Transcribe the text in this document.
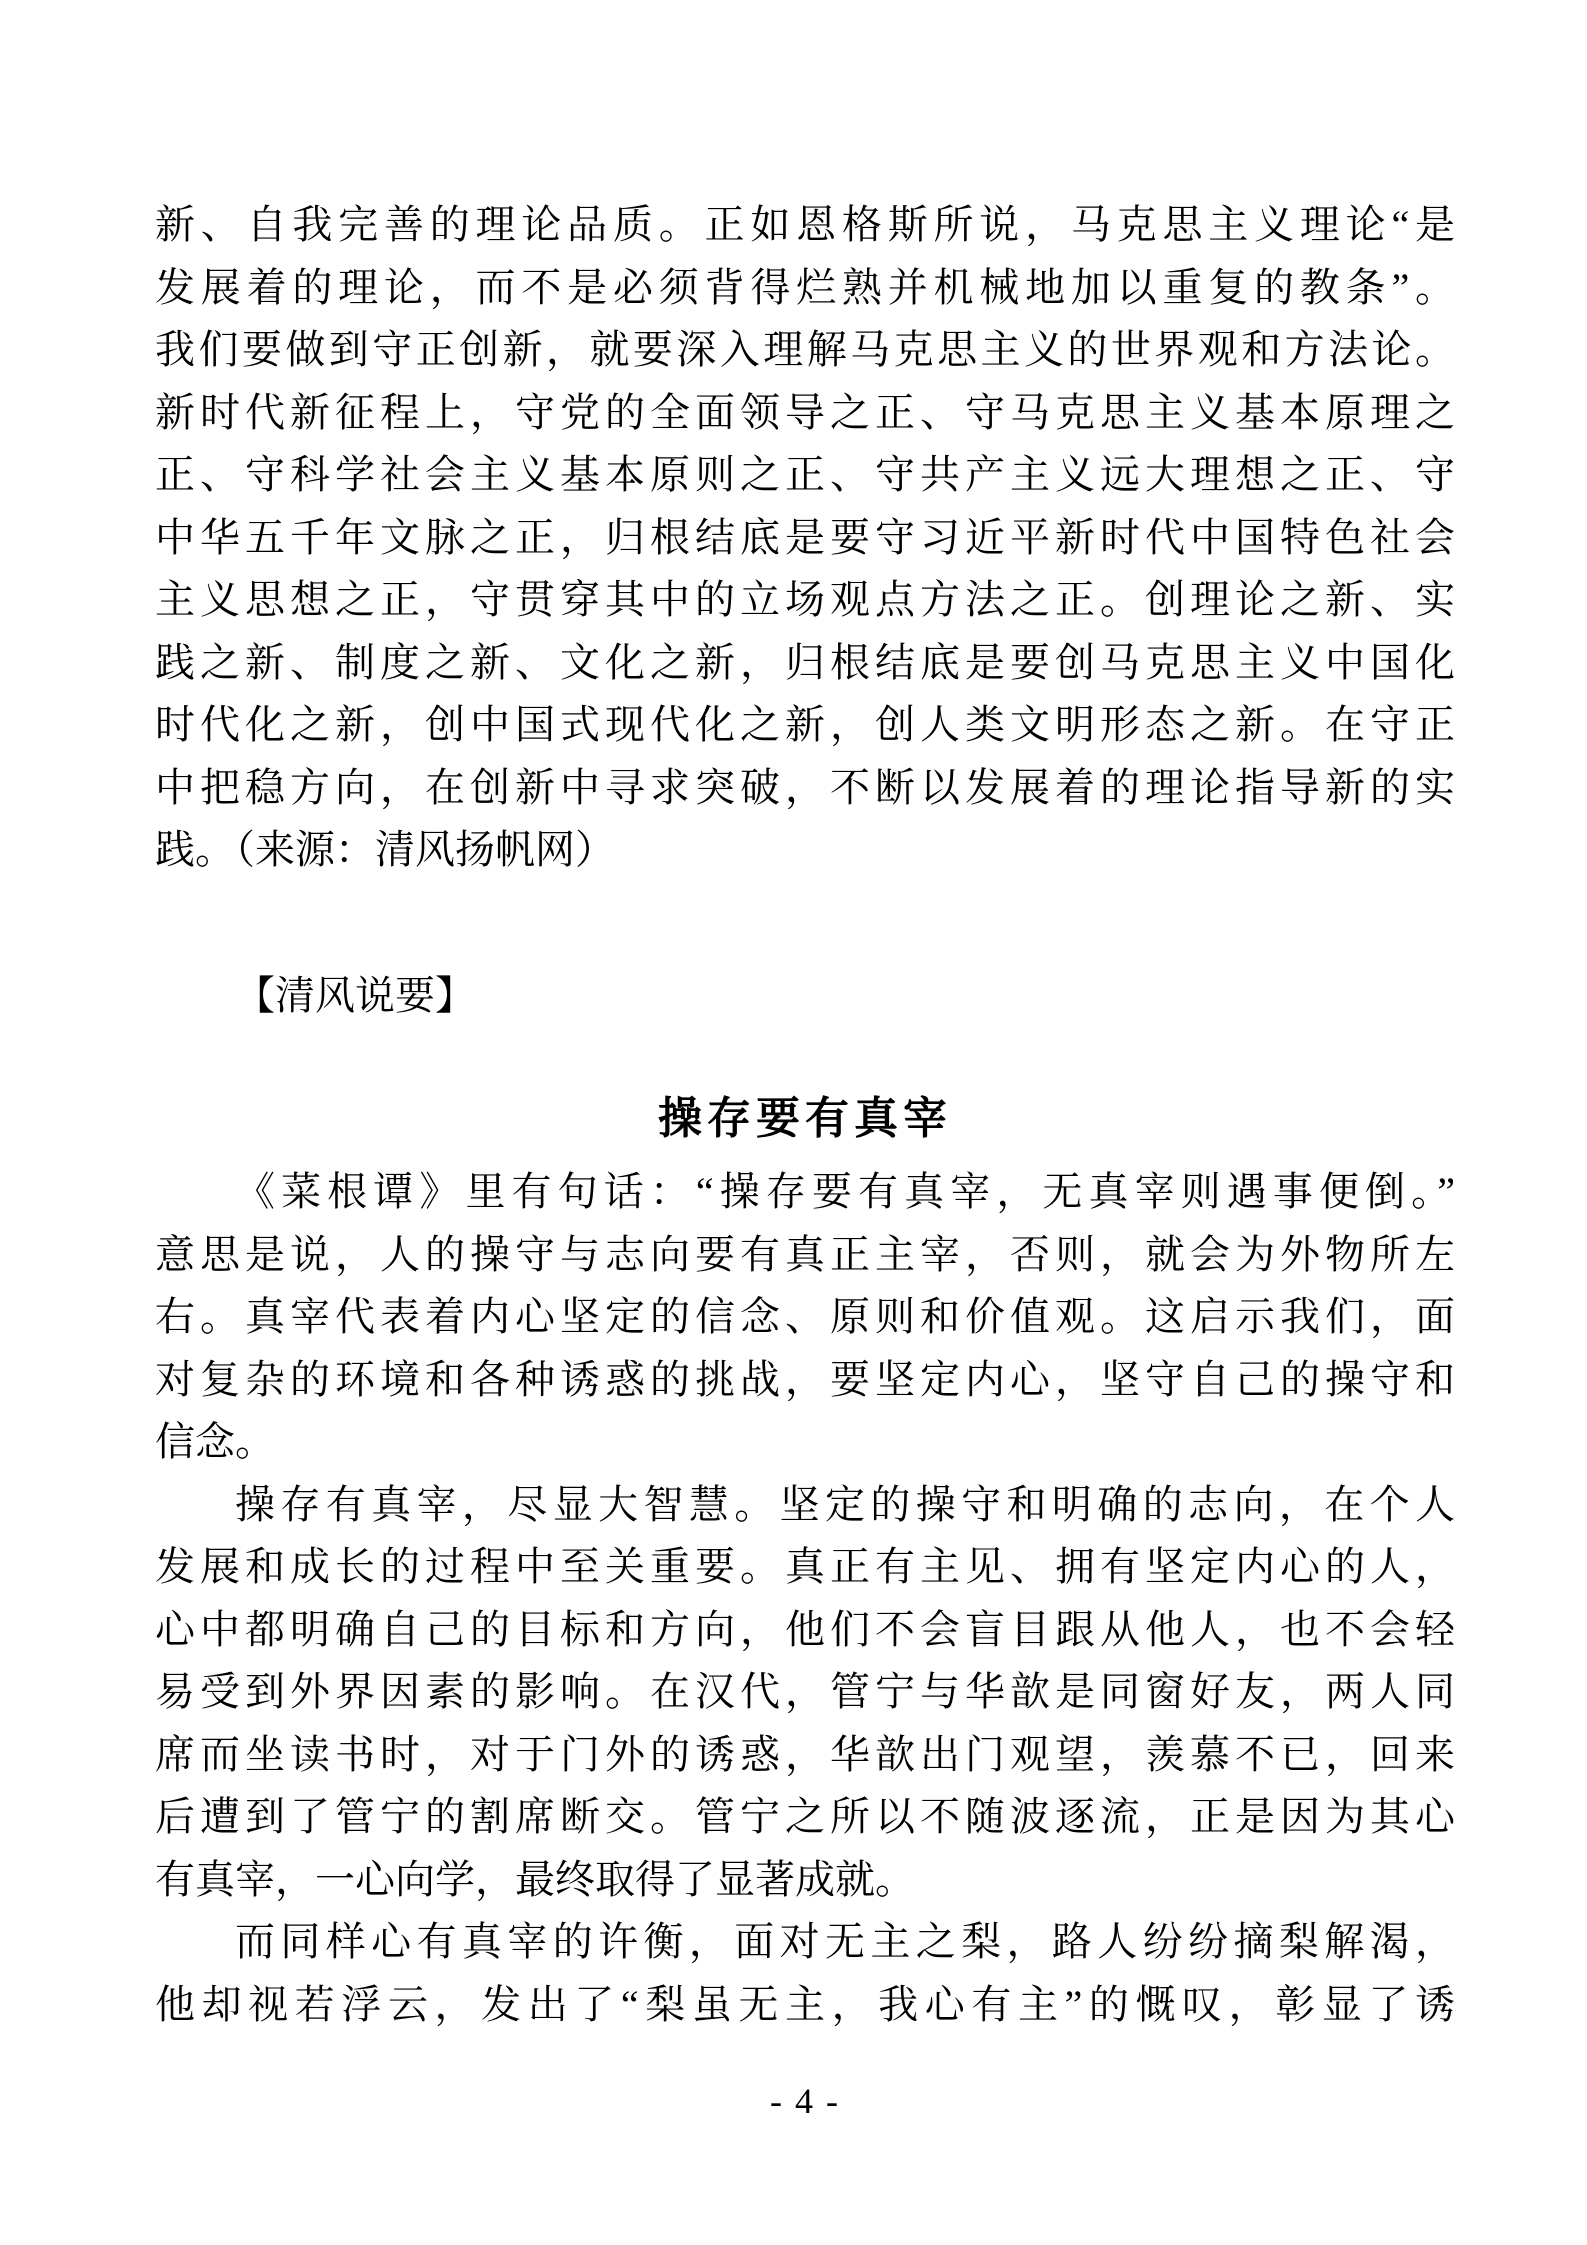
新、自我完善的理论品质。正如恩格斯所说，马克思主义理论“是
发展着的理论，而不是必须背得烂熟并机械地加以重复的教条”。
我们要做到守正创新，就要深入理解马克思主义的世界观和方法论。
新时代新征程上，守党的全面领导之正、守马克思主义基本原理之
正、守科学社会主义基本原则之正、守共产主义远大理想之正、守
中华五千年文脉之正，归根结底是要守习近平新时代中国特色社会
主义思想之正，守贯穿其中的立场观点方法之正。创理论之新、实
践之新、制度之新、文化之新，归根结底是要创马克思主义中国化
时代化之新，创中国式现代化之新，创人类文明形态之新。在守正
中把稳方向，在创新中寻求突破，不断以发展着的理论指导新的实
践。（来源：清风扬帆网）
【清风说要】
操存要有真宰
《菜根谭》里有句话：“操存要有真宰，无真宰则遇事便倒。”
意思是说，人的操守与志向要有真正主宰，否则，就会为外物所左
右。真宰代表着内心坚定的信念、原则和价值观。这启示我们，面
对复杂的环境和各种诱惑的挑战，要坚定内心，坚守自己的操守和
信念。
操存有真宰，尽显大智慧。坚定的操守和明确的志向，在个人
发展和成长的过程中至关重要。真正有主见、拥有坚定内心的人，
心中都明确自己的目标和方向，他们不会盲目跟从他人，也不会轻
易受到外界因素的影响。在汉代，管宁与华歆是同窗好友，两人同
席而坐读书时，对于门外的诱惑，华歆出门观望，羡慕不已，回来
后遭到了管宁的割席断交。管宁之所以不随波逐流，正是因为其心
有真宰，一心向学，最终取得了显著成就。
而同样心有真宰的许衡，面对无主之梨，路人纷纷摘梨解渴，
他却视若浮云，发出了“梨虽无主，我心有主”的慨叹，彰显了诱
- 4 -
